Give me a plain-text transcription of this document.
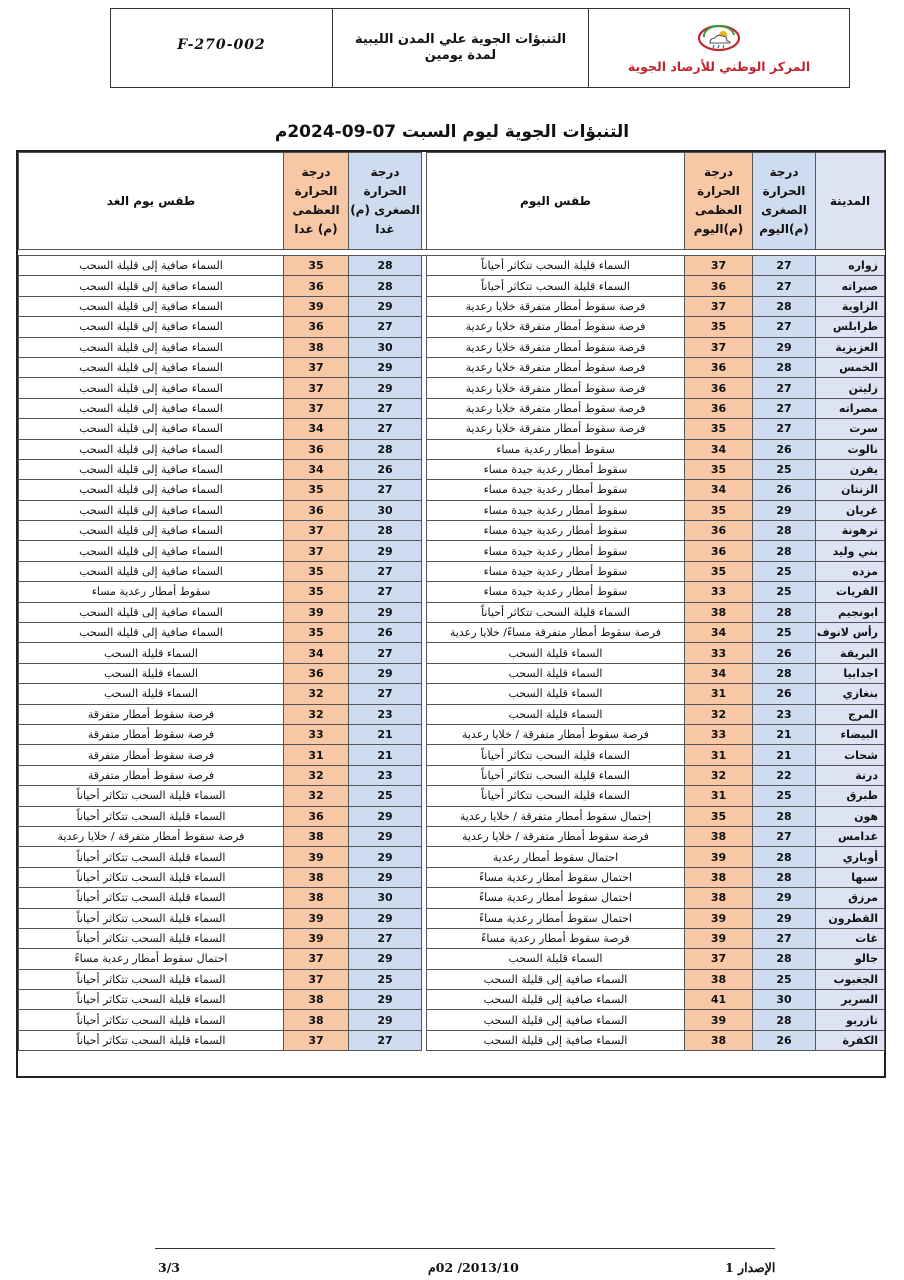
F-270-002	التنبؤات الجوية علي المدن الليبية
لمدة يومين
المركز الوطني للأرصاد الجوية
التنبؤات الجوية ليوم السبت 07-09-2024م
المدينة	درجة الحرارة الصغرى (م)اليوم	درجة الحرارة العظمى (م)اليوم	طقس اليوم		درجة الحرارة الصغرى (م) غدا	درجة الحرارة العظمى (م) غدا	طقس يوم الغد

زواره	27	37	السماء قليلة السحب تتكاثر أحياناً		28	35	السماء صافية إلى قليلة السحب
صبراته	27	36	السماء قليلة السحب تتكاثر أحياناً		28	36	السماء صافية إلى قليلة السحب
الزاوية	28	37	فرصة سقوط أمطار متفرقة خلايا رعدية		29	39	السماء صافية إلى قليلة السحب
طرابلس	27	35	فرصة سقوط أمطار متفرقة خلايا رعدية		27	36	السماء صافية إلى قليلة السحب
العزيزية	29	37	فرصة سقوط أمطار متفرقة خلايا رعدية		30	38	السماء صافية إلى قليلة السحب
الخمس	28	36	فرصة سقوط أمطار متفرقة خلايا رعدية		29	37	السماء صافية إلى قليلة السحب
زليتن	27	36	فرصة سقوط أمطار متفرقة خلايا رعدية		29	37	السماء صافية إلى قليلة السحب
مصراته	27	36	فرصة سقوط أمطار متفرقة خلايا رعدية		27	37	السماء صافية إلى قليلة السحب
سرت	27	35	فرصة سقوط أمطار متفرقة خلايا رعدية		27	34	السماء صافية إلى قليلة السحب
نالوت	26	34	سقوط أمطار رعدية مساء		28	36	السماء صافية إلى قليلة السحب
يفرن	25	35	سقوط أمطار رعدية جيدة مساء		26	34	السماء صافية إلى قليلة السحب
الزنتان	26	34	سقوط أمطار رعدية جيدة مساء		27	35	السماء صافية إلى قليلة السحب
غريان	29	35	سقوط أمطار رعدية جيدة مساء		30	36	السماء صافية إلى قليلة السحب
ترهونة	28	36	سقوط أمطار رعدية جيدة مساء		28	37	السماء صافية إلى قليلة السحب
بني وليد	28	36	سقوط أمطار رعدية جيدة مساء		29	37	السماء صافية إلى قليلة السحب
مزده	25	35	سقوط أمطار رعدية جيدة مساء		27	35	السماء صافية إلى قليلة السحب
القريات	25	33	سقوط أمطار رعدية جيدة مساء		27	35	سقوط أمطار رعدية مساء
ابونجيم	28	38	السماء قليلة السحب تتكاثر أحياناً		29	39	السماء صافية إلى قليلة السحب
رأس لانوف	25	34	فرصة سقوط أمطار متفرقة مساءً/ خلايا رعدية		26	35	السماء صافية إلى قليلة السحب
البريقة	26	33	السماء قليلة السحب		27	34	السماء قليلة السحب
اجدابيا	28	34	السماء قليلة السحب		29	36	السماء قليلة السحب
بنغازي	26	31	السماء قليلة السحب		27	32	السماء قليلة السحب
المرج	23	32	السماء قليلة السحب		23	32	فرصة سقوط أمطار متفرقة
البيضاء	21	33	فرصة سقوط أمطار متفرقة / خلايا رعدية		21	33	فرصة سقوط أمطار متفرقة
شحات	21	31	السماء قليلة السحب تتكاثر أحياناً		21	31	فرصة سقوط أمطار متفرقة
درنة	22	32	السماء قليلة السحب تتكاثر أحياناً		23	32	فرصة سقوط أمطار متفرقة
طبرق	25	31	السماء قليلة السحب تتكاثر أحياناً		25	32	السماء قليلة السحب تتكاثر أحياناً
هون	28	35	إحتمال سقوط أمطار متفرقة / خلايا رعدية		29	36	السماء قليلة السحب تتكاثر أحياناً
غدامس	27	38	فرصة سقوط أمطار متفرقة / خلايا رعدية		29	38	فرصة سقوط أمطار متفرقة / خلايا رعدية
أوباري	28	39	احتمال سقوط أمطار رعدية		29	39	السماء قليلة السحب تتكاثر أحياناً
سبها	28	38	احتمال سقوط أمطار رعدية مساءً		29	38	السماء قليلة السحب تتكاثر أحياناً
مرزق	29	38	احتمال سقوط أمطار رعدية مساءً		30	38	السماء قليلة السحب تتكاثر أحياناً
القطرون	29	39	احتمال سقوط أمطار رعدية مساءً		29	39	السماء قليلة السحب تتكاثر أحياناً
غات	27	39	فرصة سقوط أمطار رعدية مساءً		27	39	السماء قليلة السحب تتكاثر أحياناً
جالو	28	37	السماء قليلة السحب		29	37	احتمال سقوط أمطار رعدية مساءً
الجغبوب	25	38	السماء صافية إلى قليلة السحب		25	37	السماء قليلة السحب تتكاثر أحياناً
السرير	30	41	السماء صافية إلى قليلة السحب		29	38	السماء قليلة السحب تتكاثر أحياناً
تازربو	28	39	السماء صافية إلى قليلة السحب		29	38	السماء قليلة السحب تتكاثر أحياناً
الكفرة	26	38	السماء صافية إلى قليلة السحب		27	37	السماء قليلة السحب تتكاثر أحياناً
الإصدار 1
2013/10/ 02م
3/3
